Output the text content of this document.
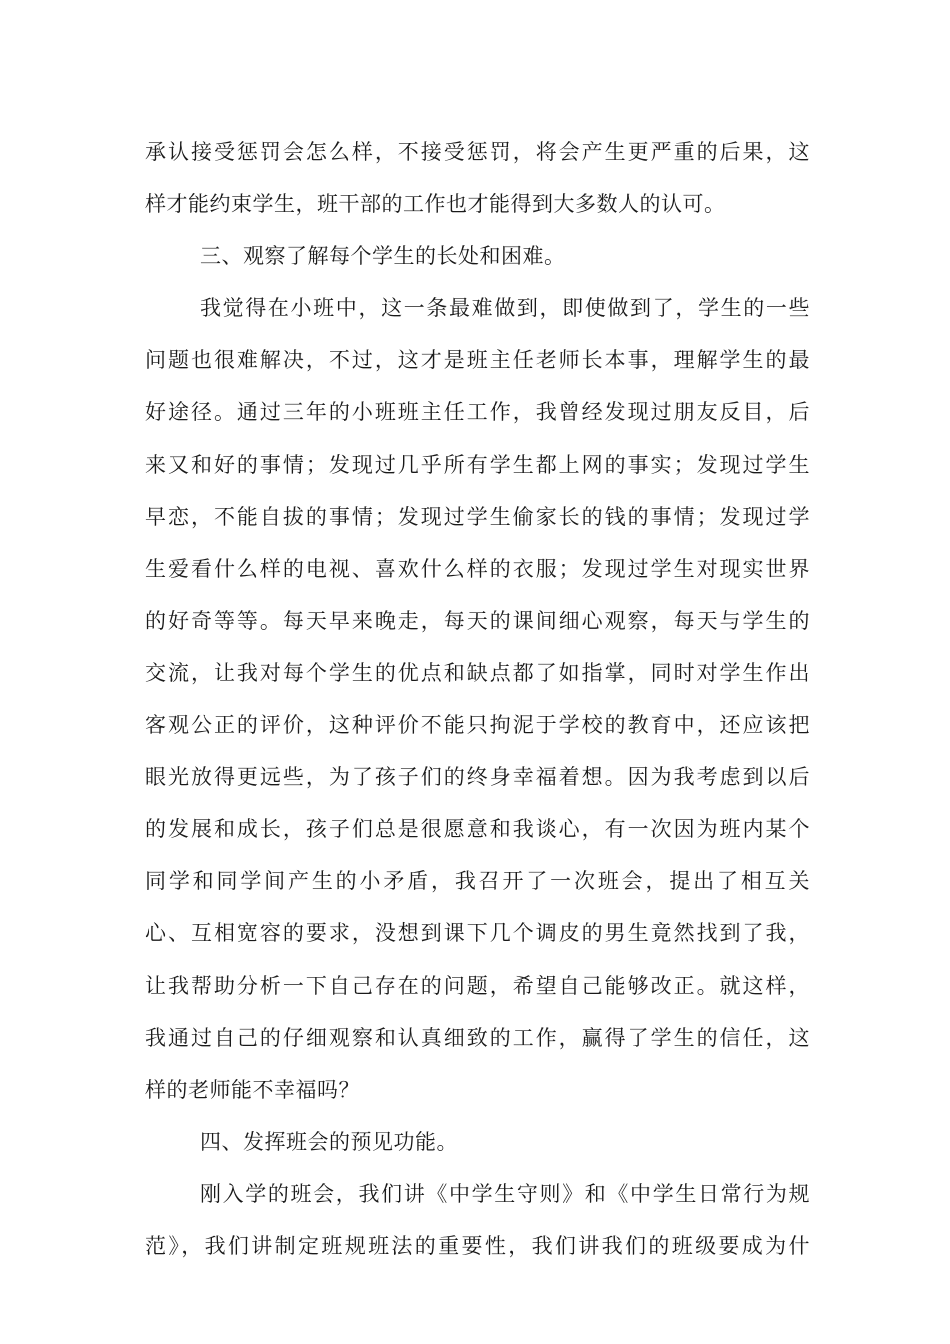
承认接受惩罚会怎么样，不接受惩罚，将会产生更严重的后果，这
样才能约束学生，班干部的工作也才能得到大多数人的认可。
三、观察了解每个学生的长处和困难。
我觉得在小班中，这一条最难做到，即使做到了，学生的一些
问题也很难解决，不过，这才是班主任老师长本事，理解学生的最
好途径。通过三年的小班班主任工作，我曾经发现过朋友反目，后
来又和好的事情；发现过几乎所有学生都上网的事实；发现过学生
早恋，不能自拔的事情；发现过学生偷家长的钱的事情；发现过学
生爱看什么样的电视、喜欢什么样的衣服；发现过学生对现实世界
的好奇等等。每天早来晚走，每天的课间细心观察，每天与学生的
交流，让我对每个学生的优点和缺点都了如指掌，同时对学生作出
客观公正的评价，这种评价不能只拘泥于学校的教育中，还应该把
眼光放得更远些，为了孩子们的终身幸福着想。因为我考虑到以后
的发展和成长，孩子们总是很愿意和我谈心，有一次因为班内某个
同学和同学间产生的小矛盾，我召开了一次班会，提出了相互关
心、互相宽容的要求，没想到课下几个调皮的男生竟然找到了我，
让我帮助分析一下自己存在的问题，希望自己能够改正。就这样，
我通过自己的仔细观察和认真细致的工作，赢得了学生的信任，这
样的老师能不幸福吗？
四、发挥班会的预见功能。
刚入学的班会，我们讲《中学生守则》和《中学生日常行为规
范》，我们讲制定班规班法的重要性，我们讲我们的班级要成为什
